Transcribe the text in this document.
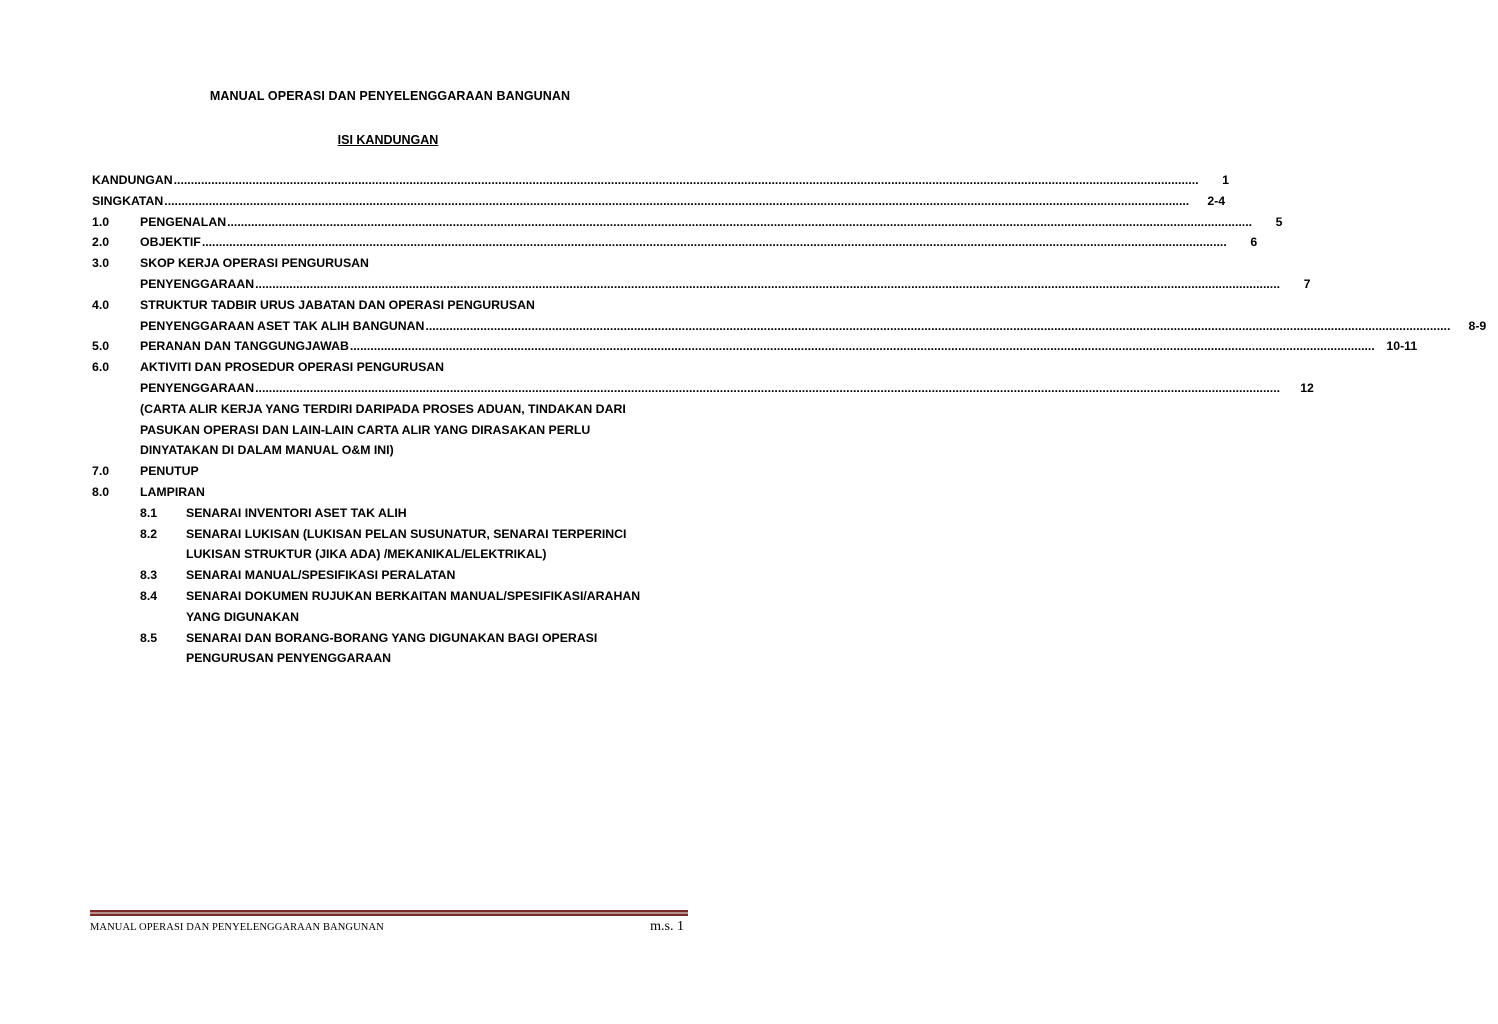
MANUAL OPERASI DAN PENYELENGGARAAN BANGUNAN
ISI KANDUNGAN
KANDUNGAN ............................................................................................................................................................................................................................................................................................................	1
SINGKATAN ............................................................................................................................................................................................................................................................................................................	2-4
1.0	PENGENALAN ............................................................................................................................................................................................................................................................................................................	5
2.0	OBJEKTIF ............................................................................................................................................................................................................................................................................................................	6
3.0	SKOP KERJA OPERASI PENGURUSAN
PENYENGGARAAN ............................................................................................................................................................................................................................................................................................................	7
4.0	STRUKTUR TADBIR URUS JABATAN DAN OPERASI PENGURUSAN
PENYENGGARAAN ASET TAK ALIH BANGUNAN ............................................................................................................................................................................................................................................................................................................	8-9
5.0	PERANAN DAN TANGGUNGJAWAB ............................................................................................................................................................................................................................................................................................................ 10-11
6.0	AKTIVITI DAN PROSEDUR OPERASI PENGURUSAN
PENYENGGARAAN ............................................................................................................................................................................................................................................................................................................	12
(CARTA ALIR KERJA YANG TERDIRI DARIPADA PROSES ADUAN, TINDAKAN DARI
PASUKAN OPERASI DAN LAIN-LAIN CARTA ALIR YANG DIRASAKAN PERLU
DINYATAKAN DI DALAM MANUAL O&M INI)
7.0	PENUTUP
8.0	LAMPIRAN
8.1 SENARAI INVENTORI ASET TAK ALIH
8.2 SENARAI LUKISAN (LUKISAN PELAN SUSUNATUR, SENARAI TERPERINCI
LUKISAN STRUKTUR (JIKA ADA) /MEKANIKAL/ELEKTRIKAL)
8.3 SENARAI MANUAL/SPESIFIKASI PERALATAN
8.4 SENARAI DOKUMEN RUJUKAN BERKAITAN MANUAL/SPESIFIKASI/ARAHAN
YANG DIGUNAKAN
8.5 SENARAI DAN BORANG-BORANG YANG DIGUNAKAN BAGI OPERASI
PENGURUSAN PENYENGGARAAN
MANUAL OPERASI DAN PENYELENGGARAAN BANGUNAN	m.s. 1
